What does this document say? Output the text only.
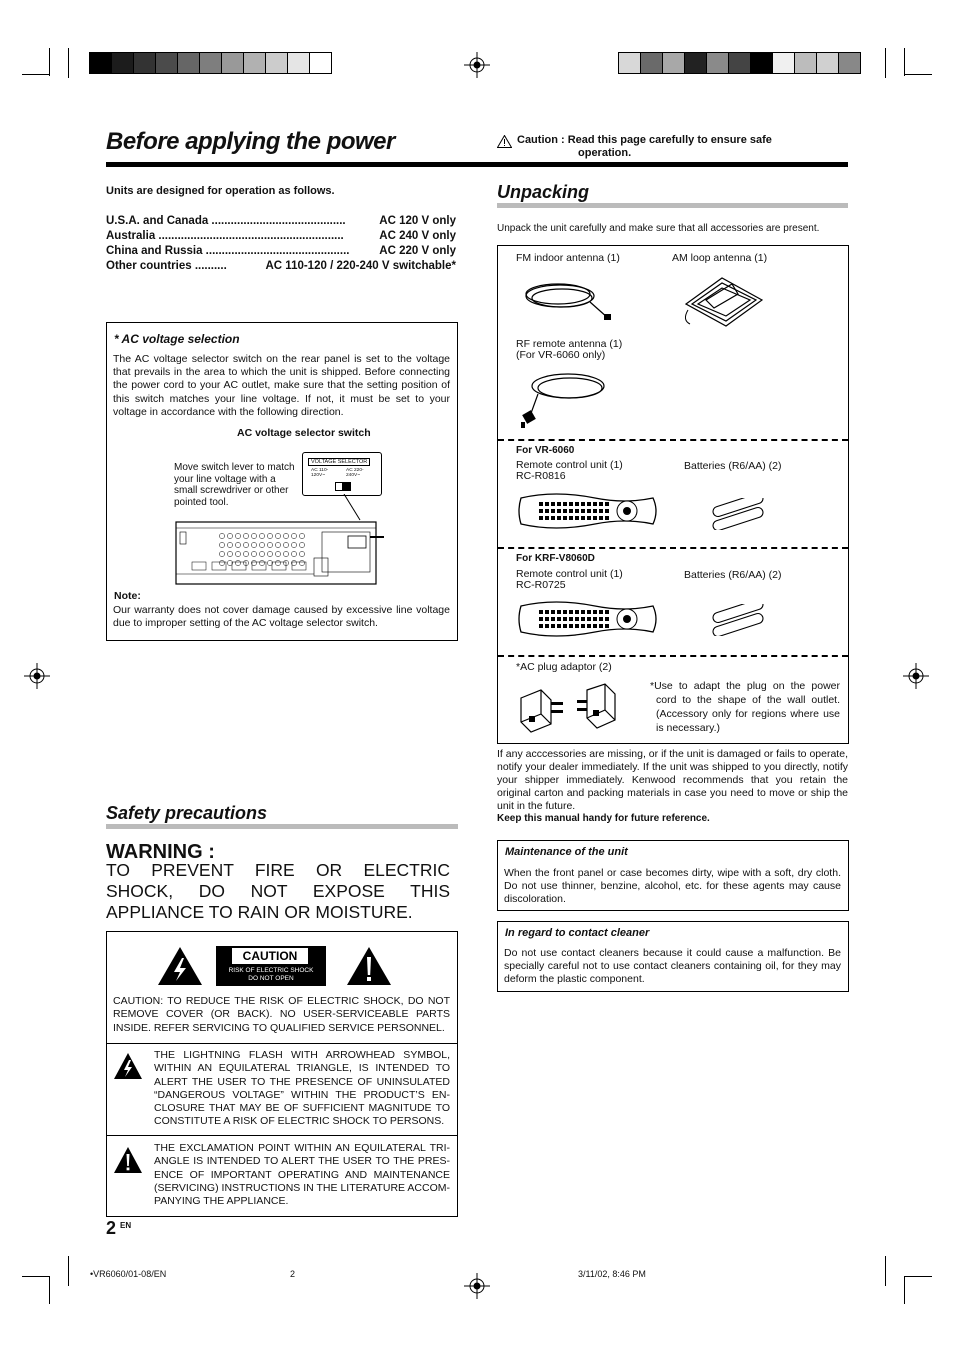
Before applying the power	Caution : Read this page carefully to ensure safe
operation.
Units are designed for operation as follows.
U.S.A. and Canada ..........................................	AC 120 V only
Australia ..........................................................	AC 240 V only
China and Russia .............................................	AC 220 V only
Other countries ..........	AC 110-120 / 220-240 V switchable*
* AC voltage selection
The AC voltage selector switch on the rear panel is set to the voltage that prevails in the area to which the unit is shipped. Before connecting the power cord to your AC outlet, make sure that the setting position of this switch matches your line voltage. If not, it must be set to your voltage in accordance with the following direction.
AC voltage selector switch
Move switch lever to match your line voltage with a small screwdriver or other pointed tool.
VOLTAGE SELECTOR
AC 110-120V~
AC 220-240V~
Note:
Our warranty does not cover damage caused by excessive line voltage due to improper setting of the AC voltage selector switch.
Safety precautions
WARNING :
TO PREVENT FIRE OR ELECTRIC SHOCK, DO NOT EXPOSE THIS APPLIANCE TO RAIN OR MOISTURE.
CAUTION
RISK OF ELECTRIC SHOCK
DO NOT OPEN
CAUTION: TO REDUCE THE RISK OF ELECTRIC SHOCK, DO NOT REMOVE COVER (OR BACK). NO USER-SERVICEABLE PARTS INSIDE. REFER SERVICING TO QUALIFIED SERVICE PERSONNEL.
THE LIGHTNING FLASH WITH ARROWHEAD SYMBOL, WITHIN AN EQUILATERAL TRIANGLE, IS INTENDED TO ALERT THE USER TO THE PRESENCE OF UNINSULATED “DANGEROUS VOLTAGE” WITHIN THE PRODUCT’S EN-CLOSURE THAT MAY BE OF SUFFICIENT MAGNITUDE TO CONSTITUTE A RISK OF ELECTRIC SHOCK TO PERSONS.
THE EXCLAMATION POINT WITHIN AN EQUILATERAL TRI-ANGLE IS INTENDED TO ALERT THE USER TO THE PRES-ENCE OF IMPORTANT OPERATING AND MAINTENANCE (SERVICING) INSTRUCTIONS IN THE LITERATURE ACCOM-PANYING THE APPLIANCE.
2 EN
Unpacking
Unpack the unit carefully and make sure that all accessories are present.
FM indoor antenna (1)	AM loop antenna (1)
RF remote antenna (1)
(For VR-6060 only)
For VR-6060
Remote control unit (1)
RC-R0816
Batteries (R6/AA) (2)
For KRF-V8060D
Remote control unit (1)
RC-R0725
Batteries (R6/AA) (2)
*AC plug adaptor (2)
*Use to adapt the plug on the power cord to the shape of the wall outlet. (Accessory only for regions where use is necessary.)
If any acccessories are missing, or if the unit is damaged or fails to operate, notify your dealer immediately. If the unit was shipped to you directly, notify your shipper immediately. Kenwood recommends that you retain the original carton and packing materials in case you need to move or ship the unit in the future.
Keep this manual handy for future reference.
Maintenance of the unit
When the front panel or case becomes dirty, wipe with a soft, dry cloth. Do not use thinner, benzine, alcohol, etc. for these agents may cause discoloration.
In regard to contact cleaner
Do not use contact cleaners because it could cause a malfunction. Be specially careful not to use contact cleaners containing oil, for they may deform the plastic component.
•VR6060/01-08/EN	2	3/11/02, 8:46 PM
